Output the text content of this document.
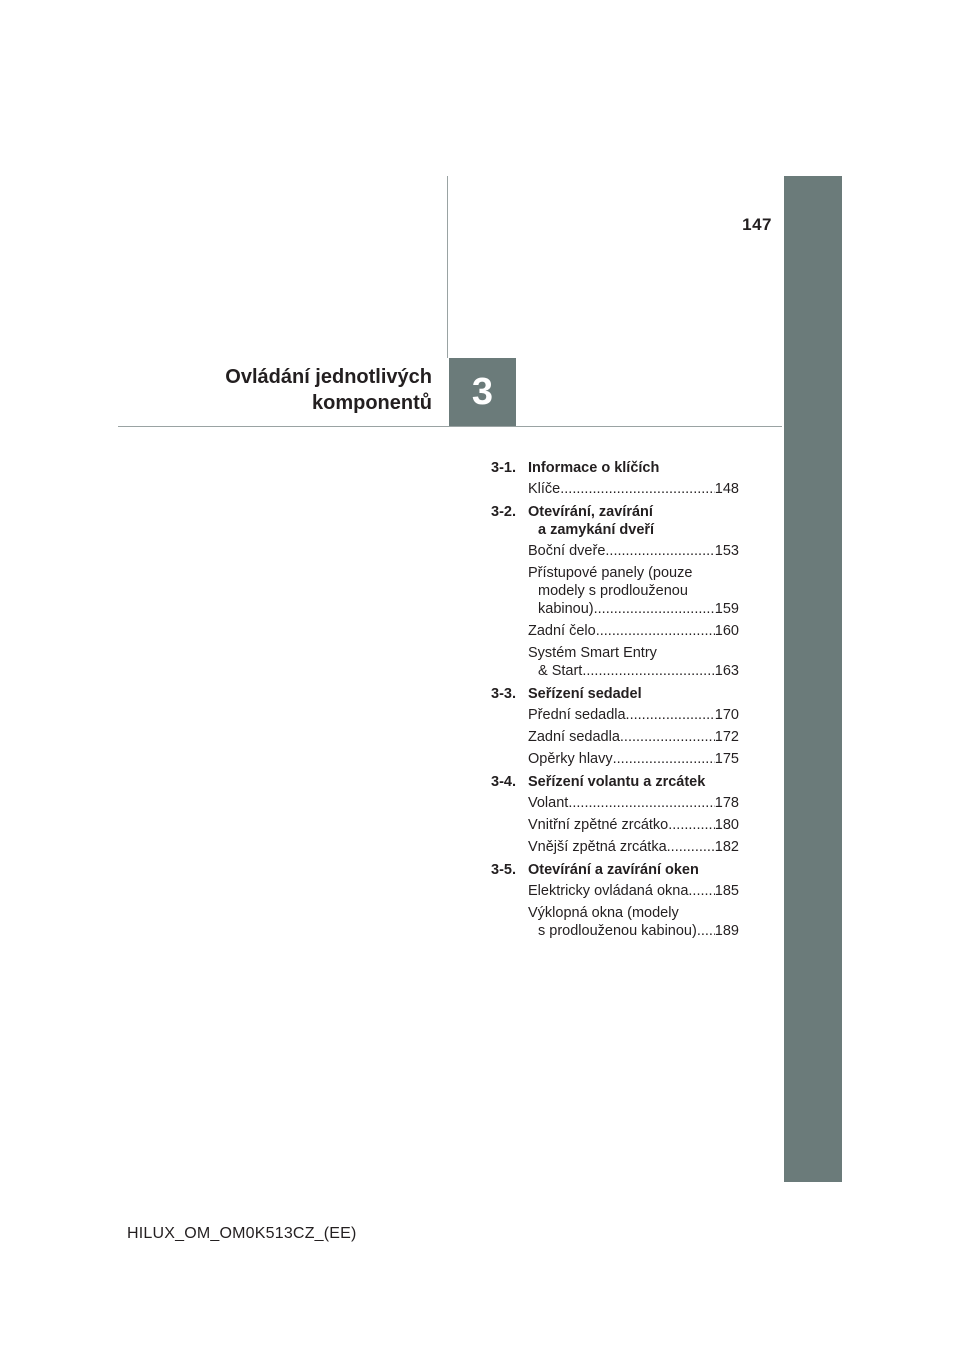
147
Ovládání jednotlivých
komponentů	3
3-1. Informace o klíčích
Klíče .....	148
3-2. Otevírání, zavírání
a zamykání dveří
Boční dveře .....	153
Přístupové panely (pouze
modely s prodlouženou
kabinou) .....	159
Zadní čelo .....	160
Systém Smart Entry
& Start .....	163
3-3. Seřízení sedadel
Přední sedadla .....	170
Zadní sedadla .....	172
Opěrky hlavy .....	175
3-4. Seřízení volantu a zrcátek
Volant .....	178
Vnitřní zpětné zrcátko .....	180
Vnější zpětná zrcátka .....	182
3-5. Otevírání a zavírání oken
Elektricky ovládaná okna ..... 185
Výklopná okna (modely
s prodlouženou kabinou) ..... 189
HILUX_OM_OM0K513CZ_(EE)
